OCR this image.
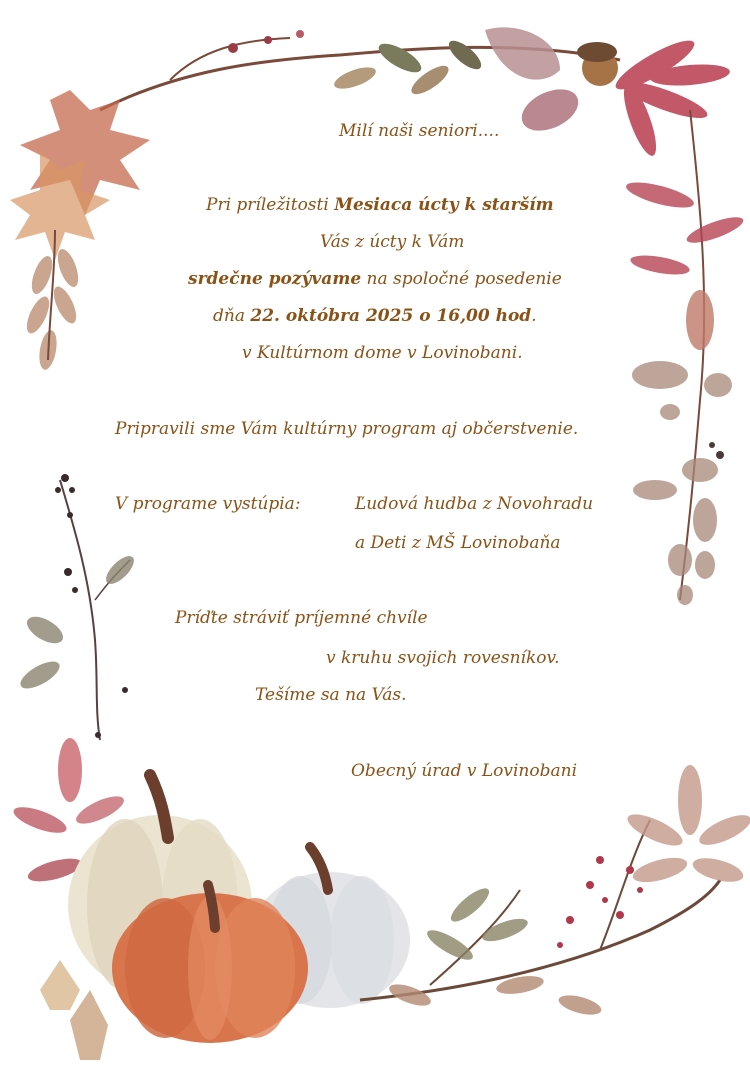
Milí naši seniori....

Pri príležitosti Mesiaca úcty k starším

Vás z úcty k Vám

srdečne pozývame na spoločné posedenie

dňa 22. októbra 2025 o 16,00 hod.

v Kultúrnom dome v Lovinobani.

Pripravili sme Vám kultúrny program aj občerstvenie.

V programe vystúpia:	Ľudová hudba z Novohradu

a Deti z MŠ Lovinobaňa

Príďte stráviť príjemné chvíle

v kruhu svojich rovesníkov.

Tešíme sa na Vás.

Obecný úrad v Lovinobani
